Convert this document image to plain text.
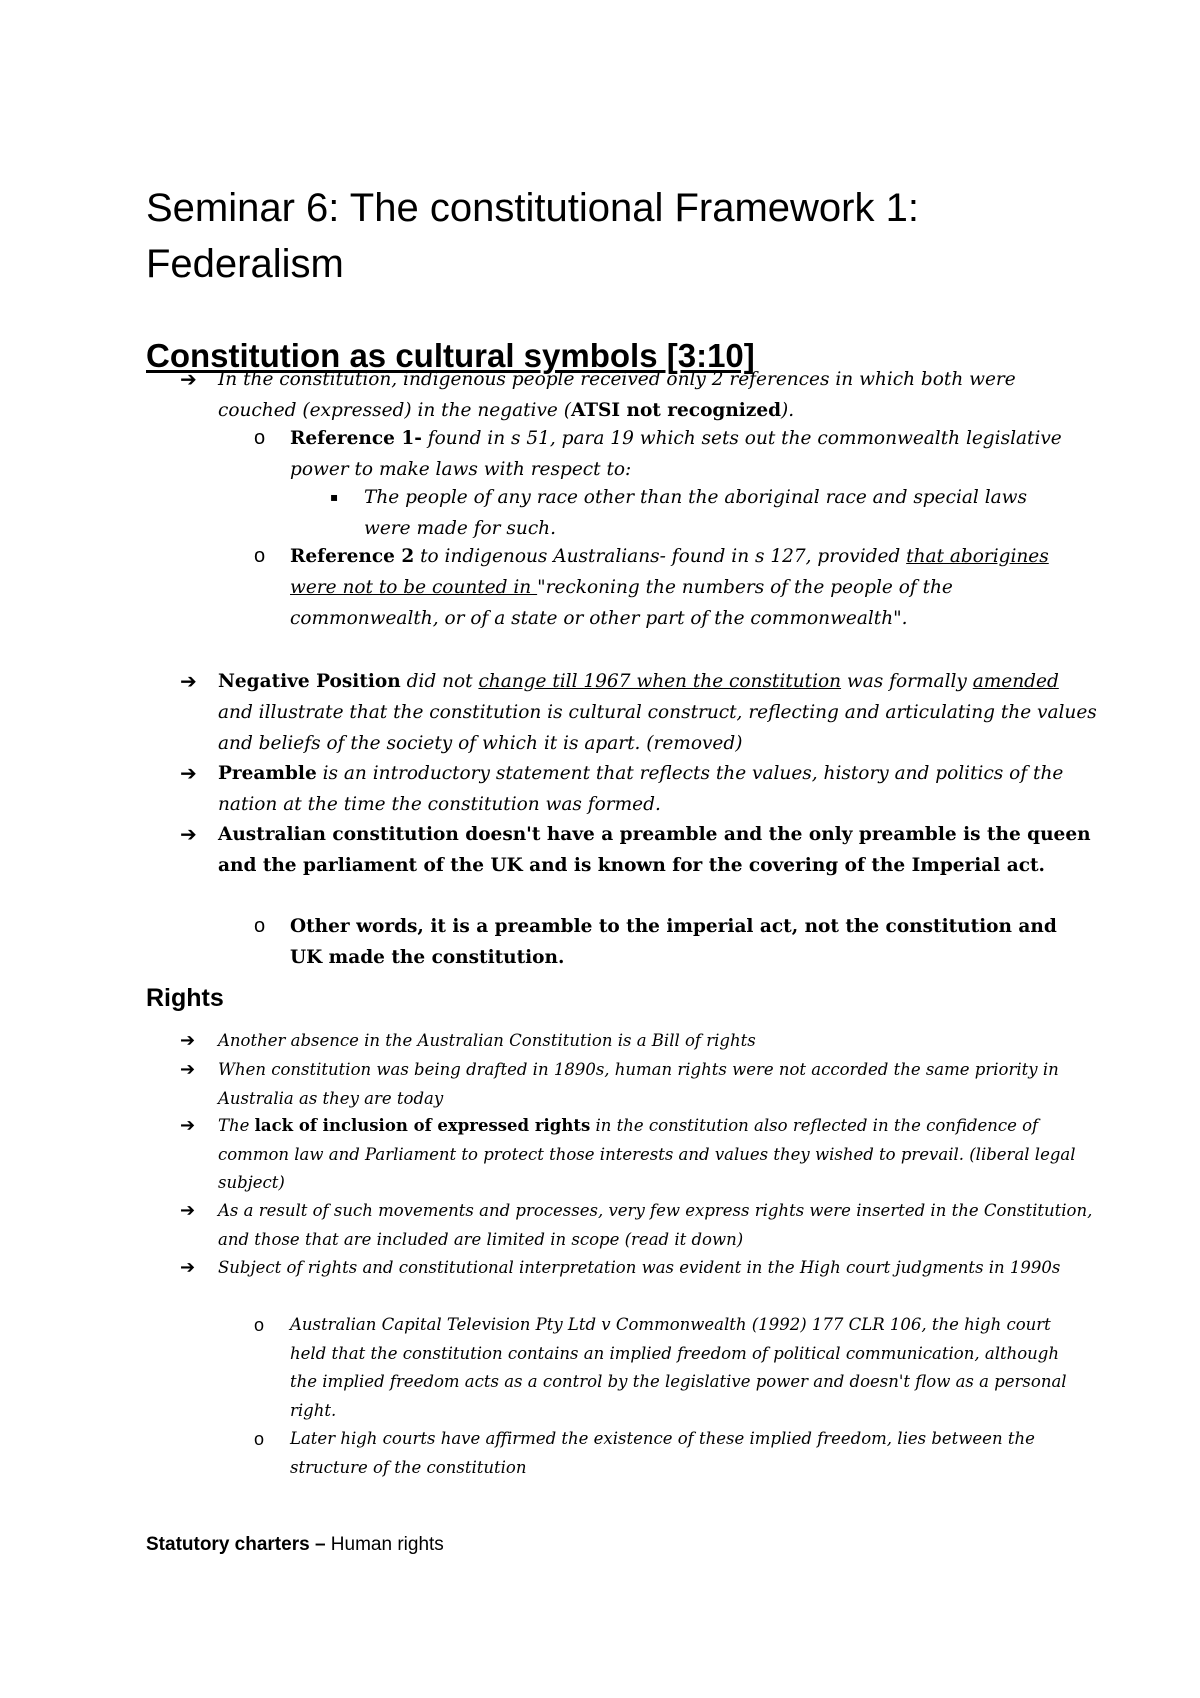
Seminar 6: The constitutional Framework 1: Federalism
Constitution as cultural symbols [3:10]
➔ In the constitution, indigenous people received only 2 references in which both were couched (expressed) in the negative (ATSI not recognized).
o Reference 1- found in s 51, para 19 which sets out the commonwealth legislative power to make laws with respect to:
▪ The people of any race other than the aboriginal race and special laws were made for such.
o Reference 2 to indigenous Australians- found in s 127, provided that aborigines were not to be counted in "reckoning the numbers of the people of the commonwealth, or of a state or other part of the commonwealth".
➔ Negative Position did not change till 1967 when the constitution was formally amended and illustrate that the constitution is cultural construct, reflecting and articulating the values and beliefs of the society of which it is apart. (removed)
➔ Preamble is an introductory statement that reflects the values, history and politics of the nation at the time the constitution was formed.
➔ Australian constitution doesn't have a preamble and the only preamble is the queen and the parliament of the UK and is known for the covering of the Imperial act.
o Other words, it is a preamble to the imperial act, not the constitution and UK made the constitution.
Rights
➔ Another absence in the Australian Constitution is a Bill of rights
➔ When constitution was being drafted in 1890s, human rights were not accorded the same priority in Australia as they are today
➔ The lack of inclusion of expressed rights in the constitution also reflected in the confidence of common law and Parliament to protect those interests and values they wished to prevail. (liberal legal subject)
➔ As a result of such movements and processes, very few express rights were inserted in the Constitution, and those that are included are limited in scope (read it down)
➔ Subject of rights and constitutional interpretation was evident in the High court judgments in 1990s
o Australian Capital Television Pty Ltd v Commonwealth (1992) 177 CLR 106, the high court held that the constitution contains an implied freedom of political communication, although the implied freedom acts as a control by the legislative power and doesn't flow as a personal right.
o Later high courts have affirmed the existence of these implied freedom, lies between the structure of the constitution

Statutory charters – Human rights
